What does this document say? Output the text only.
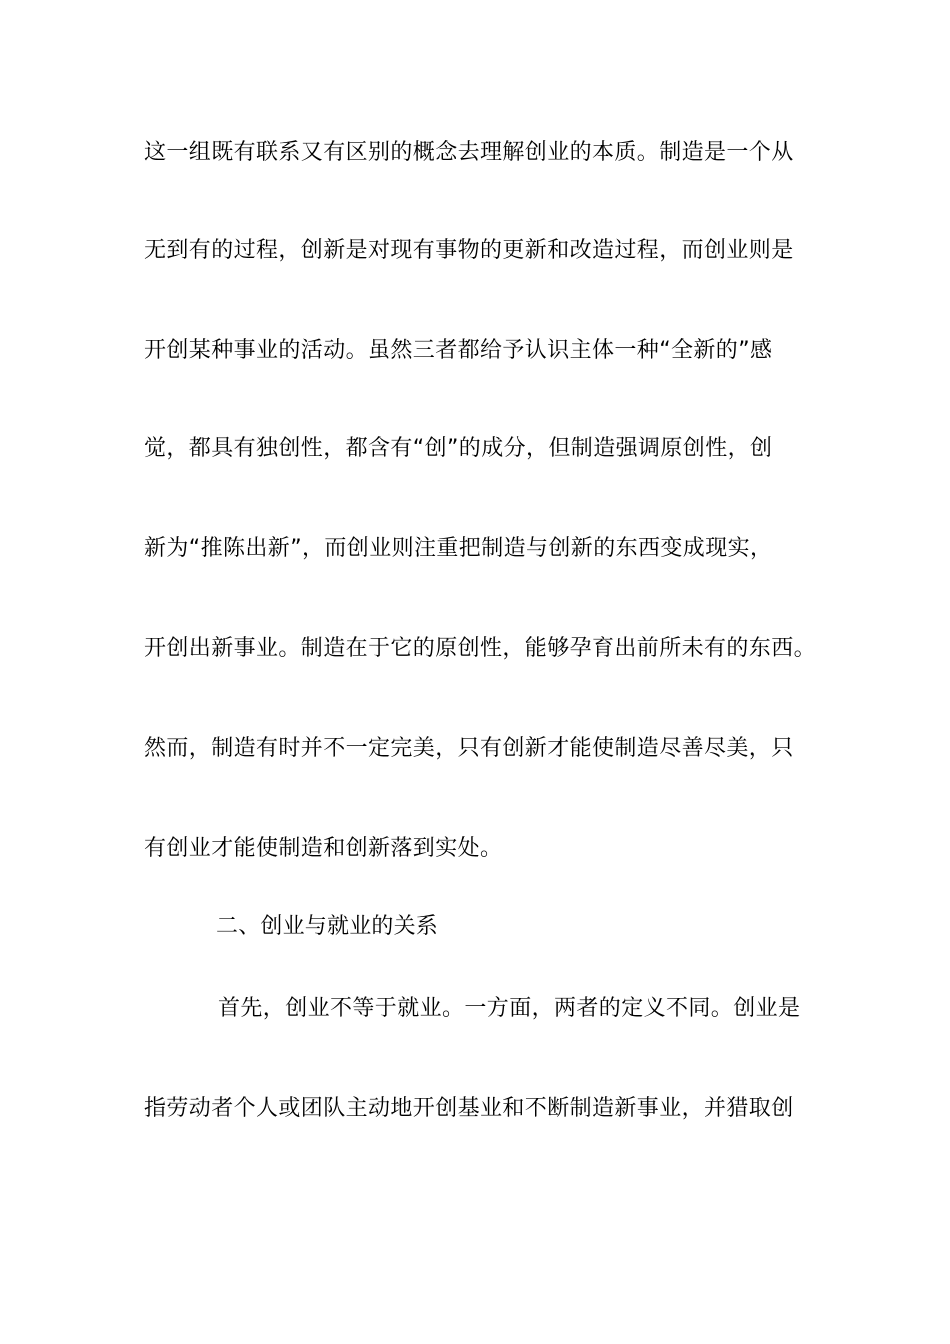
这一组既有联系又有区别的概念去理解创业的本质。制造是一个从
无到有的过程，创新是对现有事物的更新和改造过程，而创业则是
开创某种事业的活动。虽然三者都给予认识主体一种“全新的”感
觉，都具有独创性，都含有“创”的成分，但制造强调原创性，创
新为“推陈出新”，而创业则注重把制造与创新的东西变成现实，
开创出新事业。制造在于它的原创性，能够孕育出前所未有的东西。
然而，制造有时并不一定完美，只有创新才能使制造尽善尽美，只
有创业才能使制造和创新落到实处。
二、创业与就业的关系
首先，创业不等于就业。一方面，两者的定义不同。创业是
指劳动者个人或团队主动地开创基业和不断制造新事业，并猎取创
